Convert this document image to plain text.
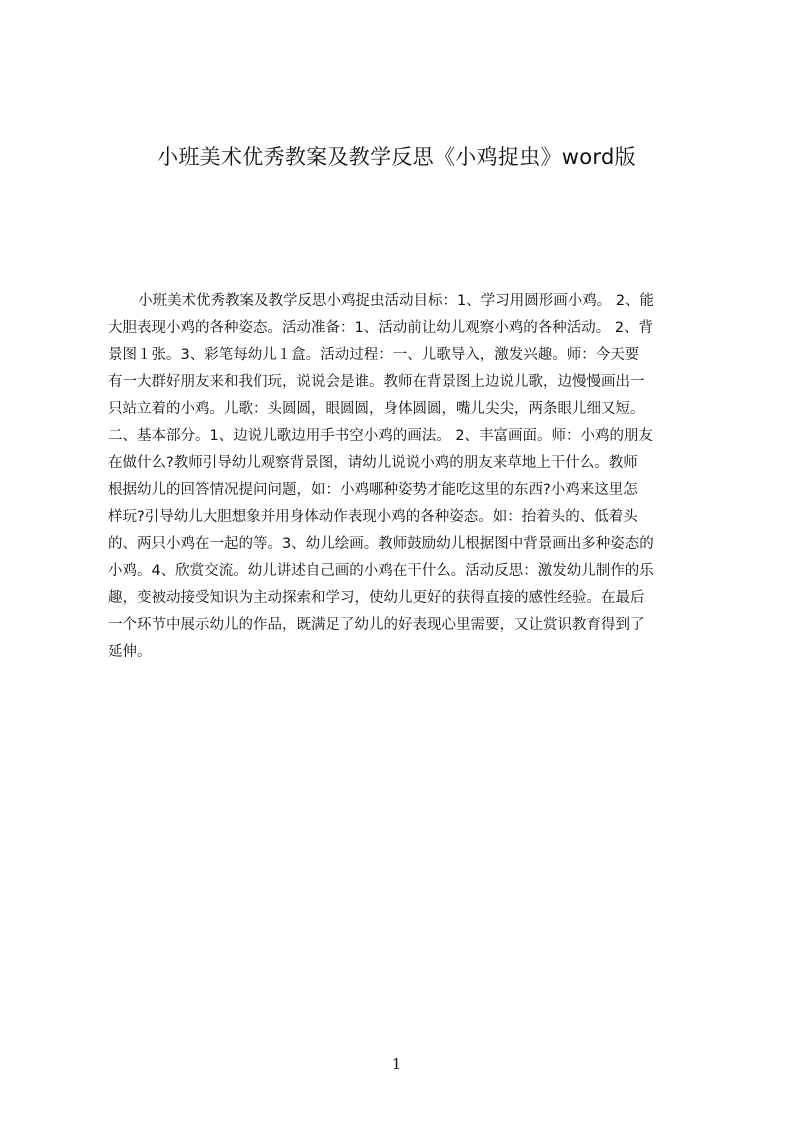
小班美术优秀教案及教学反思《小鸡捉虫》word版
小班美术优秀教案及教学反思小鸡捉虫活动目标：1、学习用圆形画小鸡。 2、能
大胆表现小鸡的各种姿态。活动准备：1、活动前让幼儿观察小鸡的各种活动。 2、背
景图１张。3、彩笔每幼儿１盒。活动过程：一、儿歌导入，激发兴趣。师：今天要
有一大群好朋友来和我们玩，说说会是谁。教师在背景图上边说儿歌，边慢慢画出一
只站立着的小鸡。儿歌：头圆圆，眼圆圆，身体圆圆，嘴儿尖尖，两条眼儿细又短。
二、基本部分。1、边说儿歌边用手书空小鸡的画法。 2、丰富画面。师：小鸡的朋友
在做什么?教师引导幼儿观察背景图，请幼儿说说小鸡的朋友来草地上干什么。教师
根据幼儿的回答情况提问问题，如：小鸡哪种姿势才能吃这里的东西?小鸡来这里怎
样玩?引导幼儿大胆想象并用身体动作表现小鸡的各种姿态。如：抬着头的、低着头
的、两只小鸡在一起的等。3、幼儿绘画。教师鼓励幼儿根据图中背景画出多种姿态的
小鸡。4、欣赏交流。幼儿讲述自己画的小鸡在干什么。活动反思：激发幼儿制作的乐
趣，变被动接受知识为主动探索和学习，使幼儿更好的获得直接的感性经验。在最后
一个环节中展示幼儿的作品，既满足了幼儿的好表现心里需要，又让赏识教育得到了
延伸。
1
